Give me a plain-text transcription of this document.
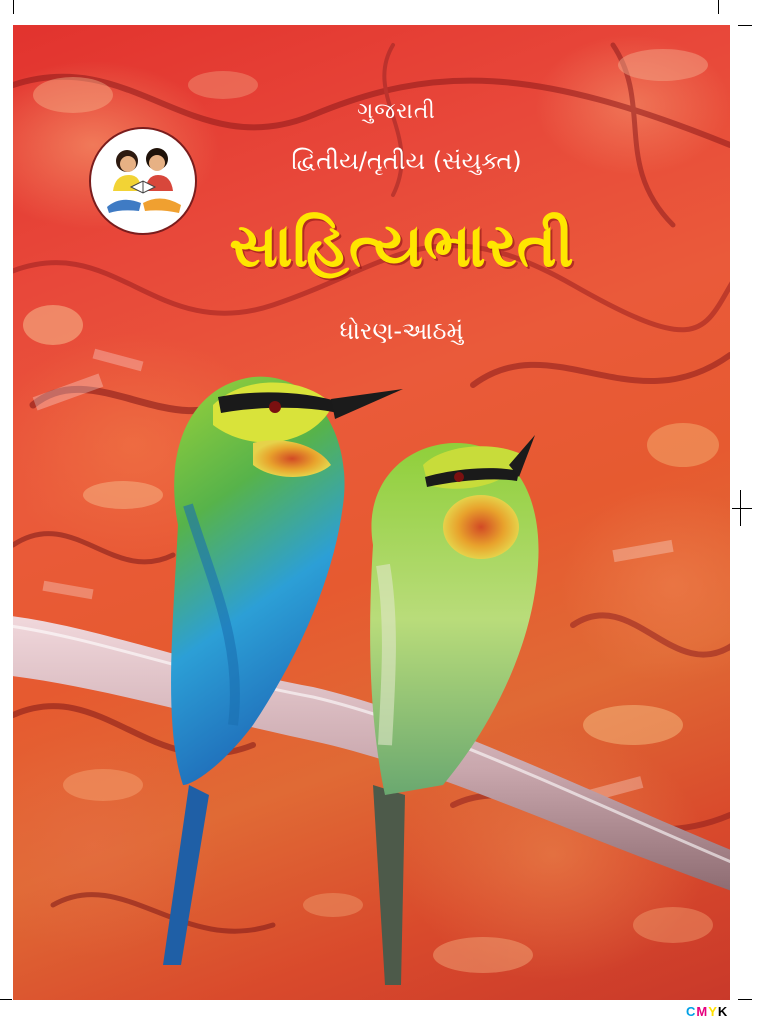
ગુજરાતી
દ્વિતીય/તૃતીય (સંયુક્ત)
સાહિત્યભારતી
ધોરણ-આઠમું
CMYK
